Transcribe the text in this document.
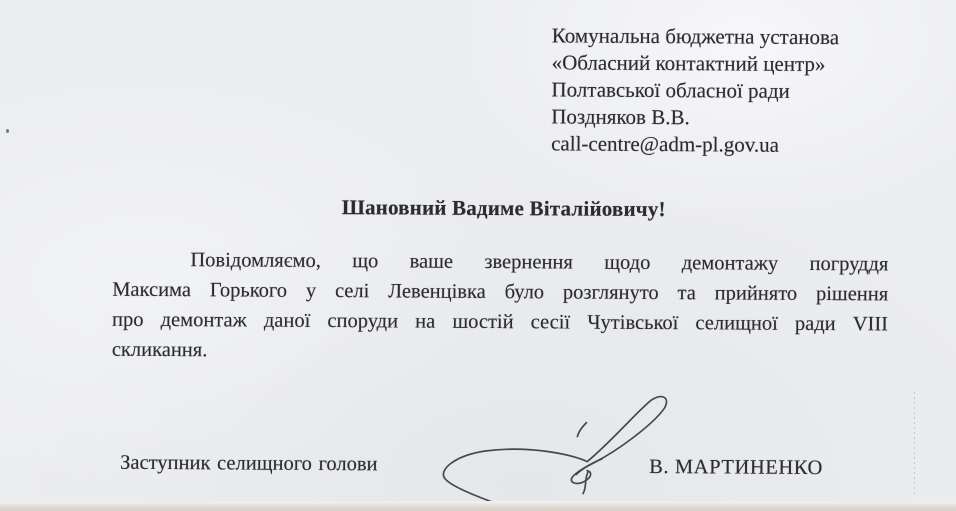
Комунальна бюджетна установа
«Обласний контактний центр»
Полтавської обласної ради
Поздняков В.В.
call-centre@adm-pl.gov.ua
Шановний Вадиме Віталійовичу!
Повідомляємо, що ваше звернення щодо демонтажу погруддя
Максима Горького у селі Левенцівка було розглянуто та прийнято рішення
про демонтаж даної споруди на шостій сесії Чутівської селищної ради VIII
скликання.
Заступник селищного голови	В. МАРТИНЕНКО
